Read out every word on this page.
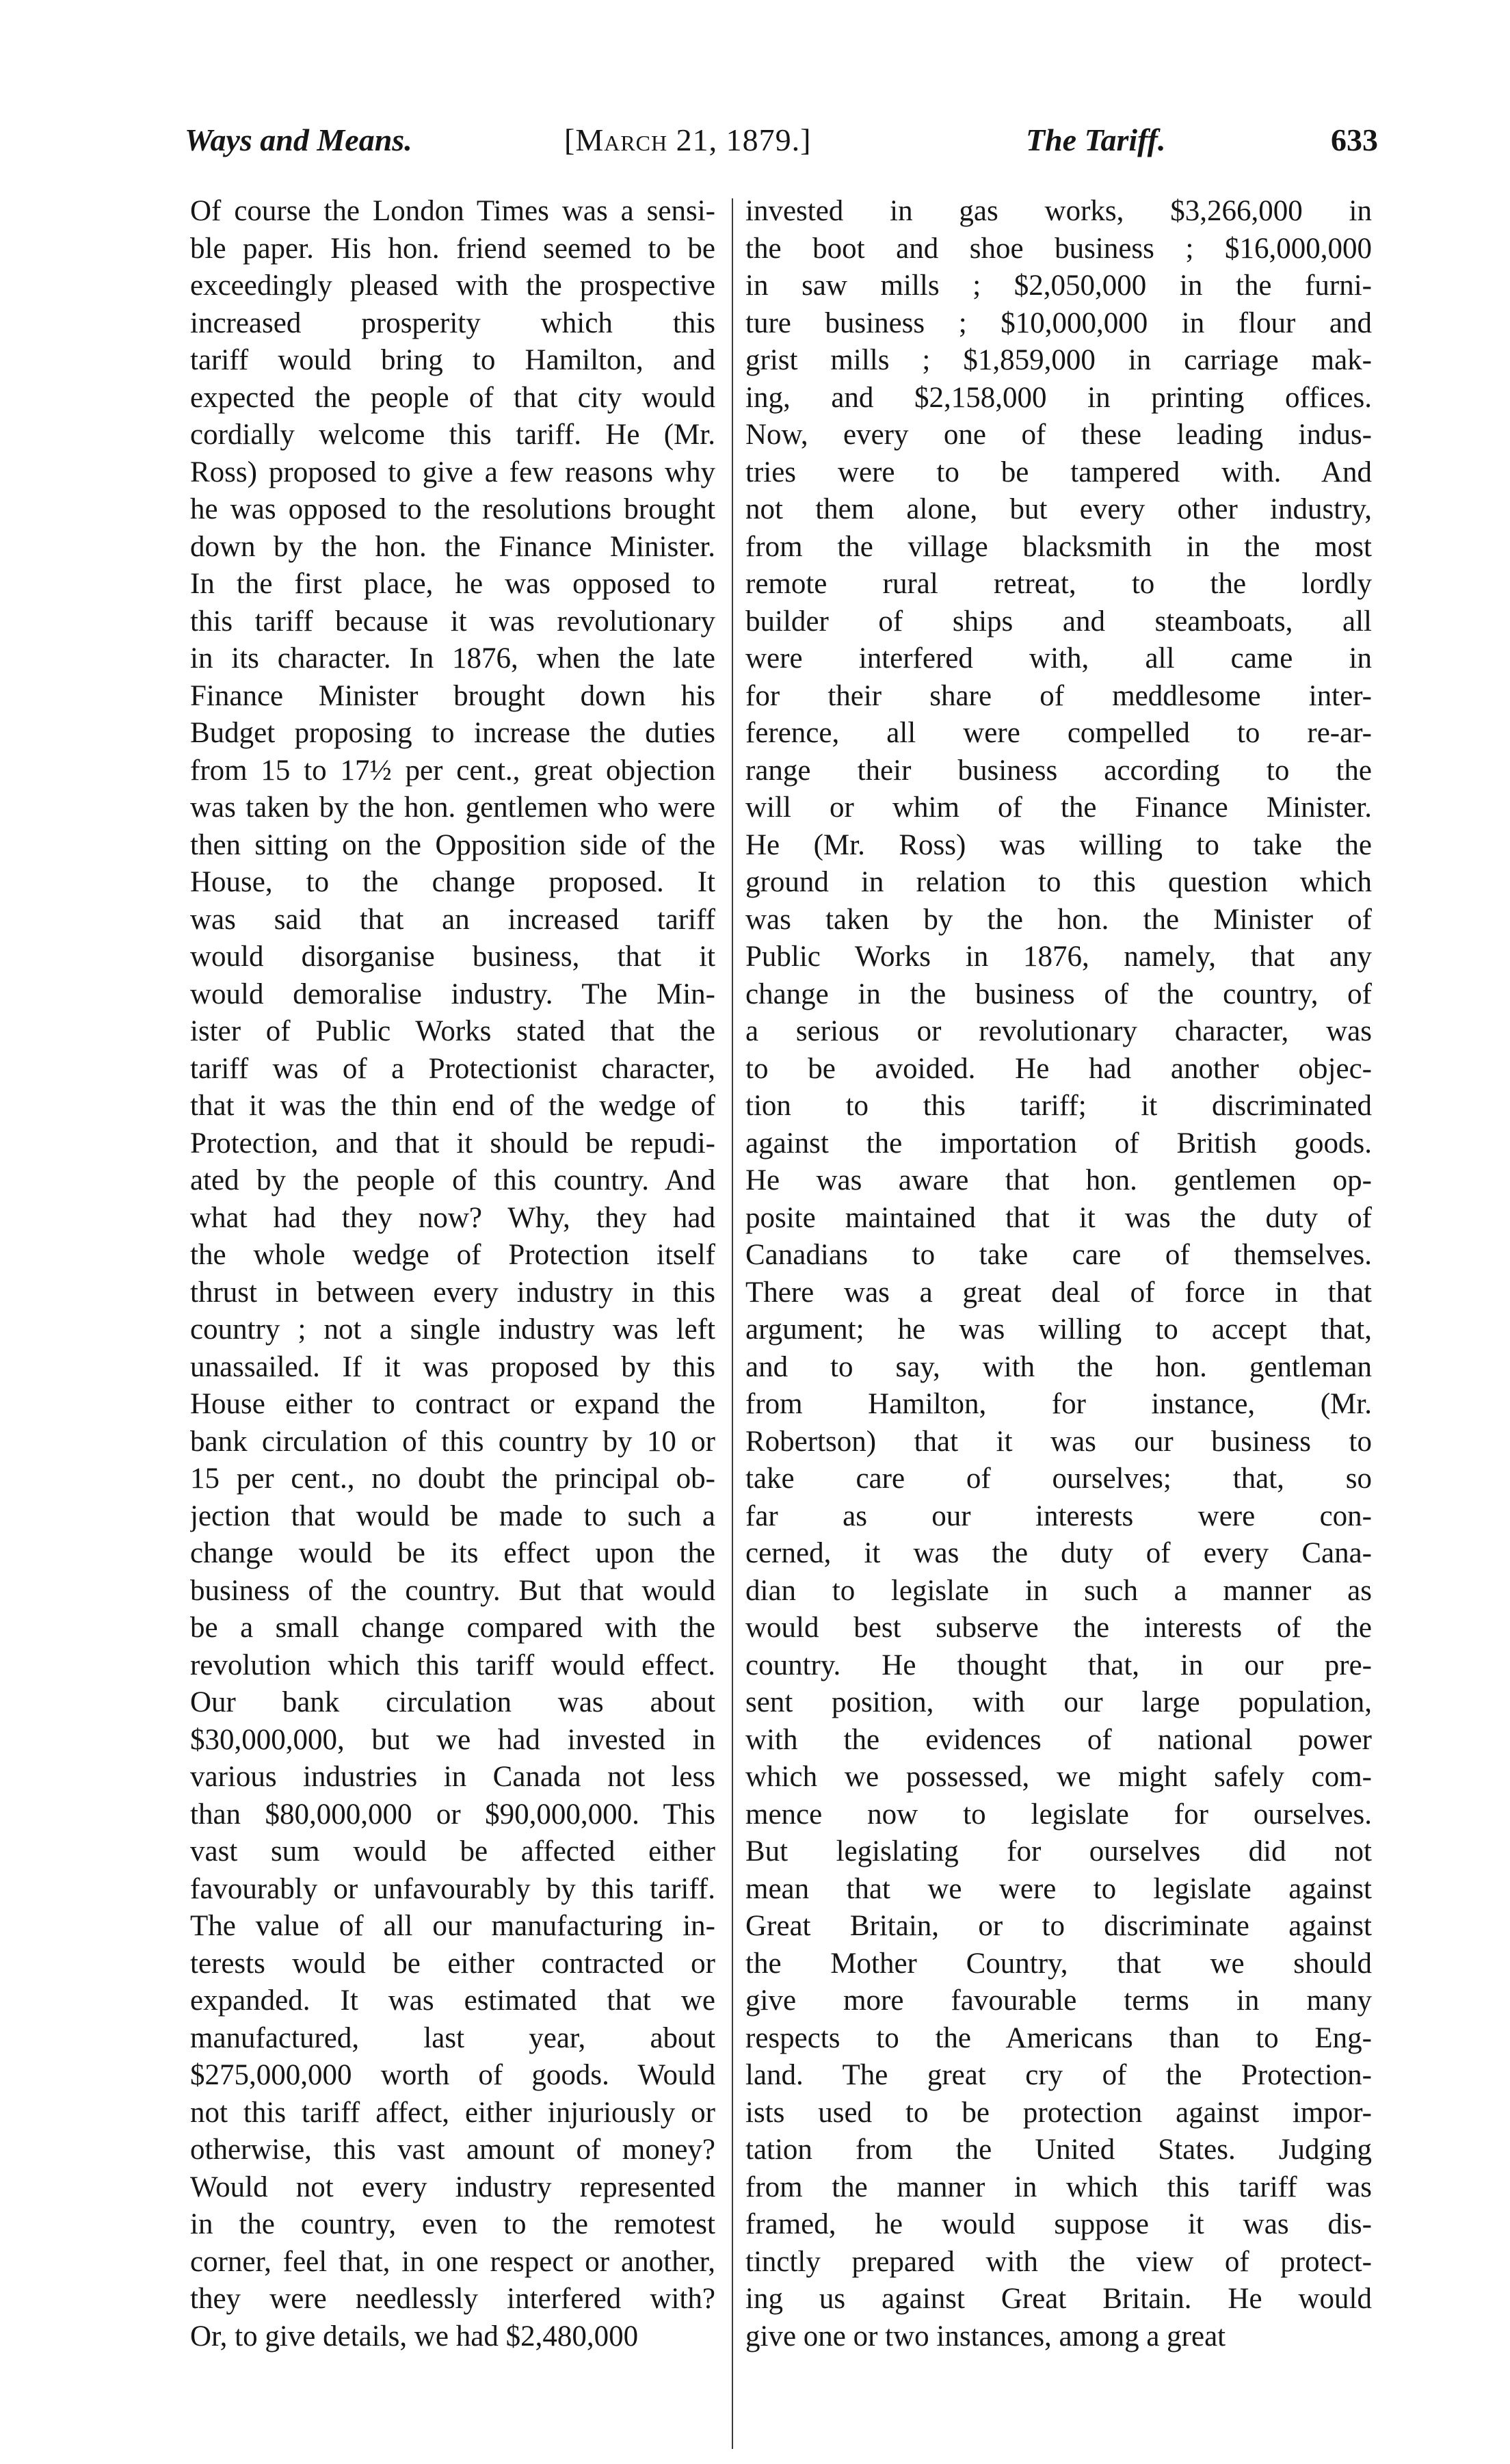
Ways and Means.	[March 21, 1879.]	The Tariff.	633
Of course the London Times was a sensi-
ble paper. His hon. friend seemed to be
exceedingly pleased with the prospective
increased prosperity which this
tariff would bring to Hamilton, and
expected the people of that city would
cordially welcome this tariff. He (Mr.
Ross) proposed to give a few reasons why
he was opposed to the resolutions brought
down by the hon. the Finance Minister.
In the first place, he was opposed to
this tariff because it was revolutionary
in its character. In 1876, when the late
Finance Minister brought down his
Budget proposing to increase the duties
from 15 to 17½ per cent., great objection
was taken by the hon. gentlemen who were
then sitting on the Opposition side of the
House, to the change proposed. It
was said that an increased tariff
would disorganise business, that it
would demoralise industry. The Min-
ister of Public Works stated that the
tariff was of a Protectionist character,
that it was the thin end of the wedge of
Protection, and that it should be repudi-
ated by the people of this country. And
what had they now? Why, they had
the whole wedge of Protection itself
thrust in between every industry in this
country ; not a single industry was left
unassailed. If it was proposed by this
House either to contract or expand the
bank circulation of this country by 10 or
15 per cent., no doubt the principal ob-
jection that would be made to such a
change would be its effect upon the
business of the country. But that would
be a small change compared with the
revolution which this tariff would effect.
Our bank circulation was about
$30,000,000, but we had invested in
various industries in Canada not less
than $80,000,000 or $90,000,000. This
vast sum would be affected either
favourably or unfavourably by this tariff.
The value of all our manufacturing in-
terests would be either contracted or
expanded. It was estimated that we
manufactured, last year, about
$275,000,000 worth of goods. Would
not this tariff affect, either injuriously or
otherwise, this vast amount of money?
Would not every industry represented
in the country, even to the remotest
corner, feel that, in one respect or another,
they were needlessly interfered with?
Or, to give details, we had $2,480,000
invested in gas works, $3,266,000 in
the boot and shoe business ; $16,000,000
in saw mills ; $2,050,000 in the furni-
ture business ; $10,000,000 in flour and
grist mills ; $1,859,000 in carriage mak-
ing, and $2,158,000 in printing offices.
Now, every one of these leading indus-
tries were to be tampered with. And
not them alone, but every other industry,
from the village blacksmith in the most
remote rural retreat, to the lordly
builder of ships and steamboats, all
were interfered with, all came in
for their share of meddlesome inter-
ference, all were compelled to re-ar-
range their business according to the
will or whim of the Finance Minister.
He (Mr. Ross) was willing to take the
ground in relation to this question which
was taken by the hon. the Minister of
Public Works in 1876, namely, that any
change in the business of the country, of
a serious or revolutionary character, was
to be avoided. He had another objec-
tion to this tariff; it discriminated
against the importation of British goods.
He was aware that hon. gentlemen op-
posite maintained that it was the duty of
Canadians to take care of themselves.
There was a great deal of force in that
argument; he was willing to accept that,
and to say, with the hon. gentleman
from Hamilton, for instance, (Mr.
Robertson) that it was our business to
take care of ourselves; that, so
far as our interests were con-
cerned, it was the duty of every Cana-
dian to legislate in such a manner as
would best subserve the interests of the
country. He thought that, in our pre-
sent position, with our large population,
with the evidences of national power
which we possessed, we might safely com-
mence now to legislate for ourselves.
But legislating for ourselves did not
mean that we were to legislate against
Great Britain, or to discriminate against
the Mother Country, that we should
give more favourable terms in many
respects to the Americans than to Eng-
land. The great cry of the Protection-
ists used to be protection against impor-
tation from the United States. Judging
from the manner in which this tariff was
framed, he would suppose it was dis-
tinctly prepared with the view of protect-
ing us against Great Britain. He would
give one or two instances, among a great
